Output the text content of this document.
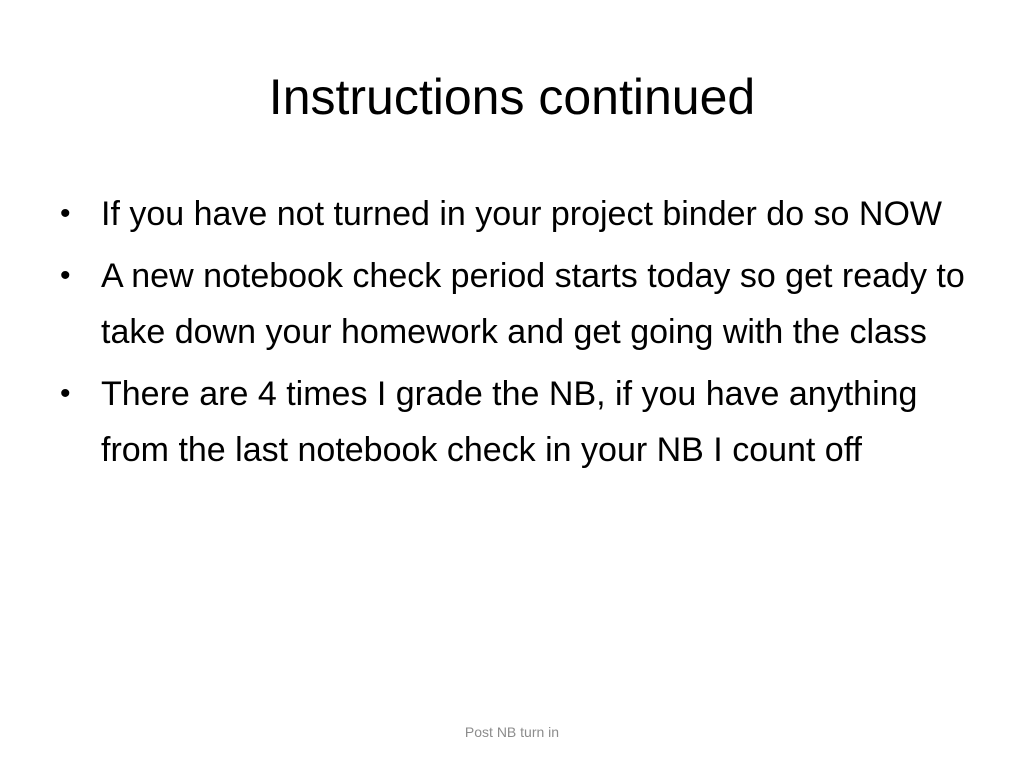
Instructions continued
• If you have not turned in your project binder do so NOW
• A new notebook check period starts today so get ready to take down your homework and get going with the class
• There are 4 times I grade the NB, if you have anything from the last notebook check in your NB I count off
Post NB turn in
